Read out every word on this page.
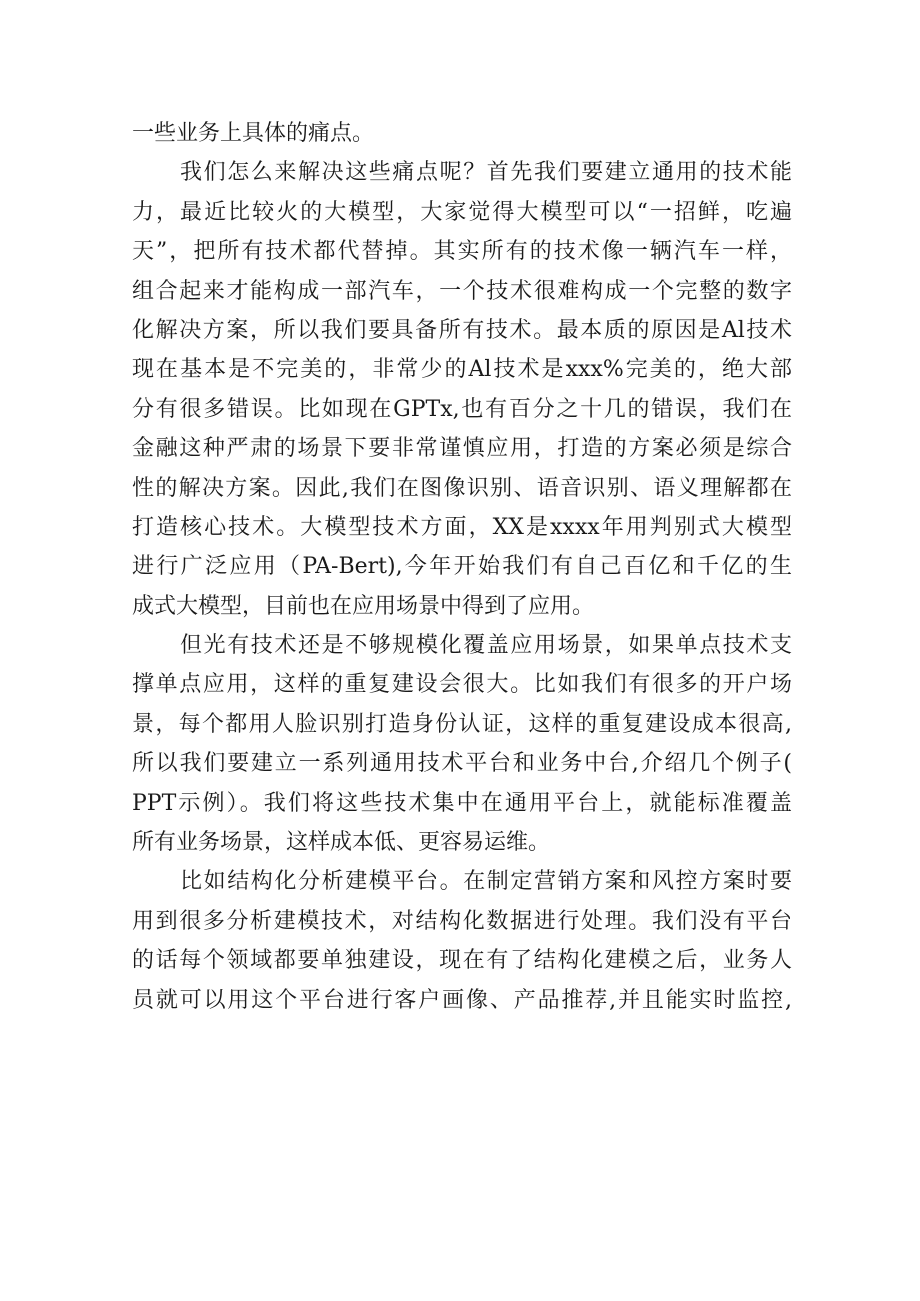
一些业务上具体的痛点。
我们怎么来解决这些痛点呢？首先我们要建立通用的技术能
力，最近比较火的大模型，大家觉得大模型可以“一招鲜，吃遍
天”，把所有技术都代替掉。其实所有的技术像一辆汽车一样，
组合起来才能构成一部汽车，一个技术很难构成一个完整的数字
化解决方案，所以我们要具备所有技术。最本质的原因是Al技术
现在基本是不完美的，非常少的Al技术是xxx%完美的，绝大部
分有很多错误。比如现在GPTx,也有百分之十几的错误，我们在
金融这种严肃的场景下要非常谨慎应用，打造的方案必须是综合
性的解决方案。因此,我们在图像识别、语音识别、语义理解都在
打造核心技术。大模型技术方面，XX是xxxx年用判别式大模型
进行广泛应用（PA-Bert),今年开始我们有自己百亿和千亿的生
成式大模型，目前也在应用场景中得到了应用。
但光有技术还是不够规模化覆盖应用场景，如果单点技术支
撑单点应用，这样的重复建设会很大。比如我们有很多的开户场
景，每个都用人脸识别打造身份认证，这样的重复建设成本很高,
所以我们要建立一系列通用技术平台和业务中台,介绍几个例子(
PPT示例）。我们将这些技术集中在通用平台上，就能标准覆盖
所有业务场景，这样成本低、更容易运维。
比如结构化分析建模平台。在制定营销方案和风控方案时要
用到很多分析建模技术，对结构化数据进行处理。我们没有平台
的话每个领域都要单独建设，现在有了结构化建模之后，业务人
员就可以用这个平台进行客户画像、产品推荐,并且能实时监控,
